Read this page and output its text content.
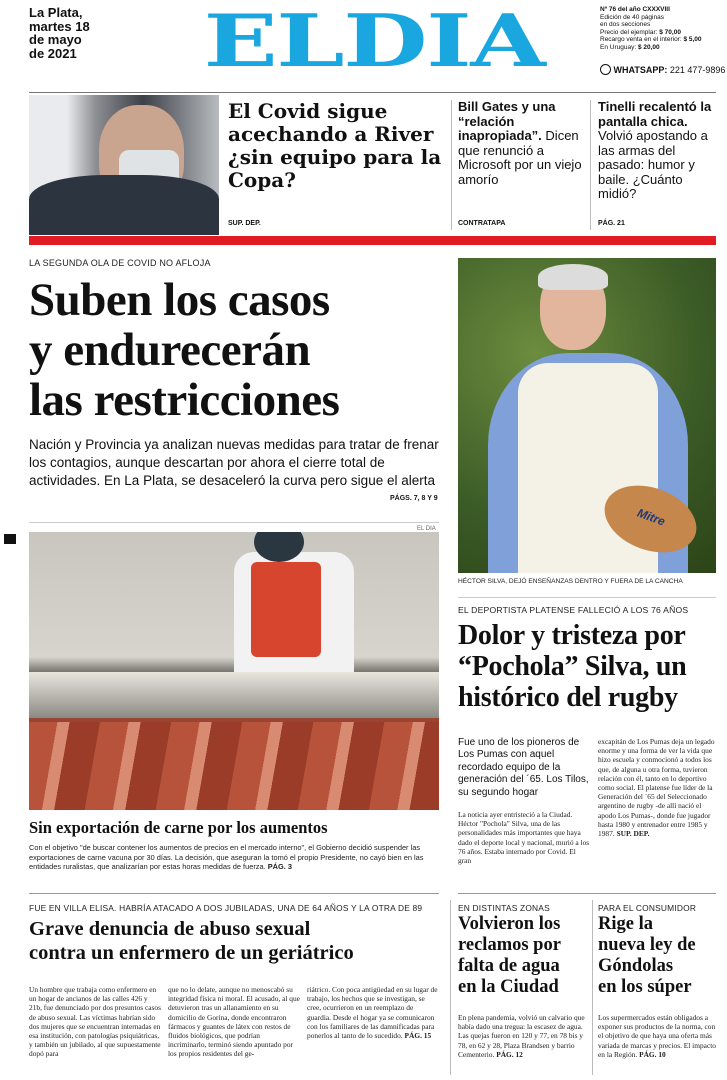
La Plata,
martes 18
de mayo
de 2021	ELDIA	Nº 76 del año CXXXVIII
Edición de 40 páginas
en dos secciones
Precio del ejemplar: $ 70,00
Recargo venta en el interior: $ 5,00
En Uruguay: $ 20,00
WHATSAPP: 221 477-9896
El Covid sigue acechando a River ¿sin equipo para la Copa?
SUP. DEP.
Bill Gates y una “relación inapropiada”. Dicen que renunció a Microsoft por un viejo amorío
CONTRATAPA
Tinelli recalentó la pantalla chica. Volvió apostando a las armas del pasado: humor y baile. ¿Cuánto midió?
PÁG. 21
LA SEGUNDA OLA DE COVID NO AFLOJA
Suben los casos
y endurecerán
las restricciones
Nación y Provincia ya analizan nuevas medidas para tratar de frenar los contagios, aunque descartan por ahora el cierre total de actividades. En La Plata, se desaceleró la curva pero sigue el alerta
PÁGS. 7, 8 Y 9
EL DIA
Sin exportación de carne por los aumentos
Con el objetivo "de buscar contener los aumentos de precios en el mercado interno", el Gobierno decidió suspender las exportaciones de carne vacuna por 30 días. La decisión, que aseguran la tomó el propio Presidente, no cayó bien en las entidades ruralistas, que analizarían por estas horas medidas de fuerza. PÁG. 3
Mitre
HÉCTOR SILVA, DEJÓ ENSEÑANZAS DENTRO Y FUERA DE LA CANCHA
EL DEPORTISTA PLATENSE FALLECIÓ A LOS 76 AÑOS
Dolor y tristeza por
“Pochola” Silva, un
histórico del rugby
Fue uno de los pioneros de Los Pumas con aquel recordado equipo de la generación del ´65. Los Tilos, su segundo hogar
La noticia ayer entristeció a la Ciudad. Héctor "Pochola" Silva, una de las personalidades más importantes que haya dado el deporte local y nacional, murió a los 76 años. Estaba internado por Covid. El gran
excapitán de Los Pumas deja un legado enorme y una forma de ver la vida que hizo escuela y conmocionó a todos los que, de alguna u otra forma, tuvieron relación con él, tanto en lo deportivo como social. El platense fue líder de la Generación del ´65 del Seleccionado argentino de rugby -de allí nació el apodo Los Pumas-, donde fue jugador hasta 1980 y entrenador entre 1985 y 1987. SUP. DEP.
FUE EN VILLA ELISA. HABRÍA ATACADO A DOS JUBILADAS, UNA DE 64 AÑOS Y LA OTRA DE 89
Grave denuncia de abuso sexual
contra un enfermero de un geriátrico
Un hombre que trabaja como enfermero en un hogar de ancianos de las calles 426 y 21b, fue denunciado por dos presuntos casos de abuso sexual. Las víctimas habrían sido dos mujeres que se encuentran internadas en esa institución, con patologías psiquiátricas, y también un jubilado, al que supuestamente dopó para
que no lo delate, aunque no menoscabó su integridad física ni moral. El acusado, al que detuvieron tras un allanamiento en su domicilio de Gorina, donde encontraron fármacos y guantes de látex con restos de fluidos biológicos, que podrían incriminarlo, terminó siendo apuntado por los propios residentes del ge-
riátrico. Con poca antigüedad en su lugar de trabajo, los hechos que se investigan, se cree, ocurrieron en un reemplazo de guardia. Desde el hogar ya se comunicaron con los familiares de las damnificadas para ponerlos al tanto de lo sucedido. PÁG. 15
EN DISTINTAS ZONAS
Volvieron los
reclamos por
falta de agua
en la Ciudad
En plena pandemia, volvió un calvario que había dado una tregua: la escasez de agua. Las quejas fueron en 120 y 77, en 78 bis y 78, en 62 y 28, Plaza Brandsen y barrio Cementerio. PÁG. 12
PARA EL CONSUMIDOR
Rige la
nueva ley de
Góndolas
en los súper
Los supermercados están obligados a exponer sus productos de la norma, con el objetivo de que haya una oferta más variada de marcas y precios. El impacto en la Región. PÁG. 10
